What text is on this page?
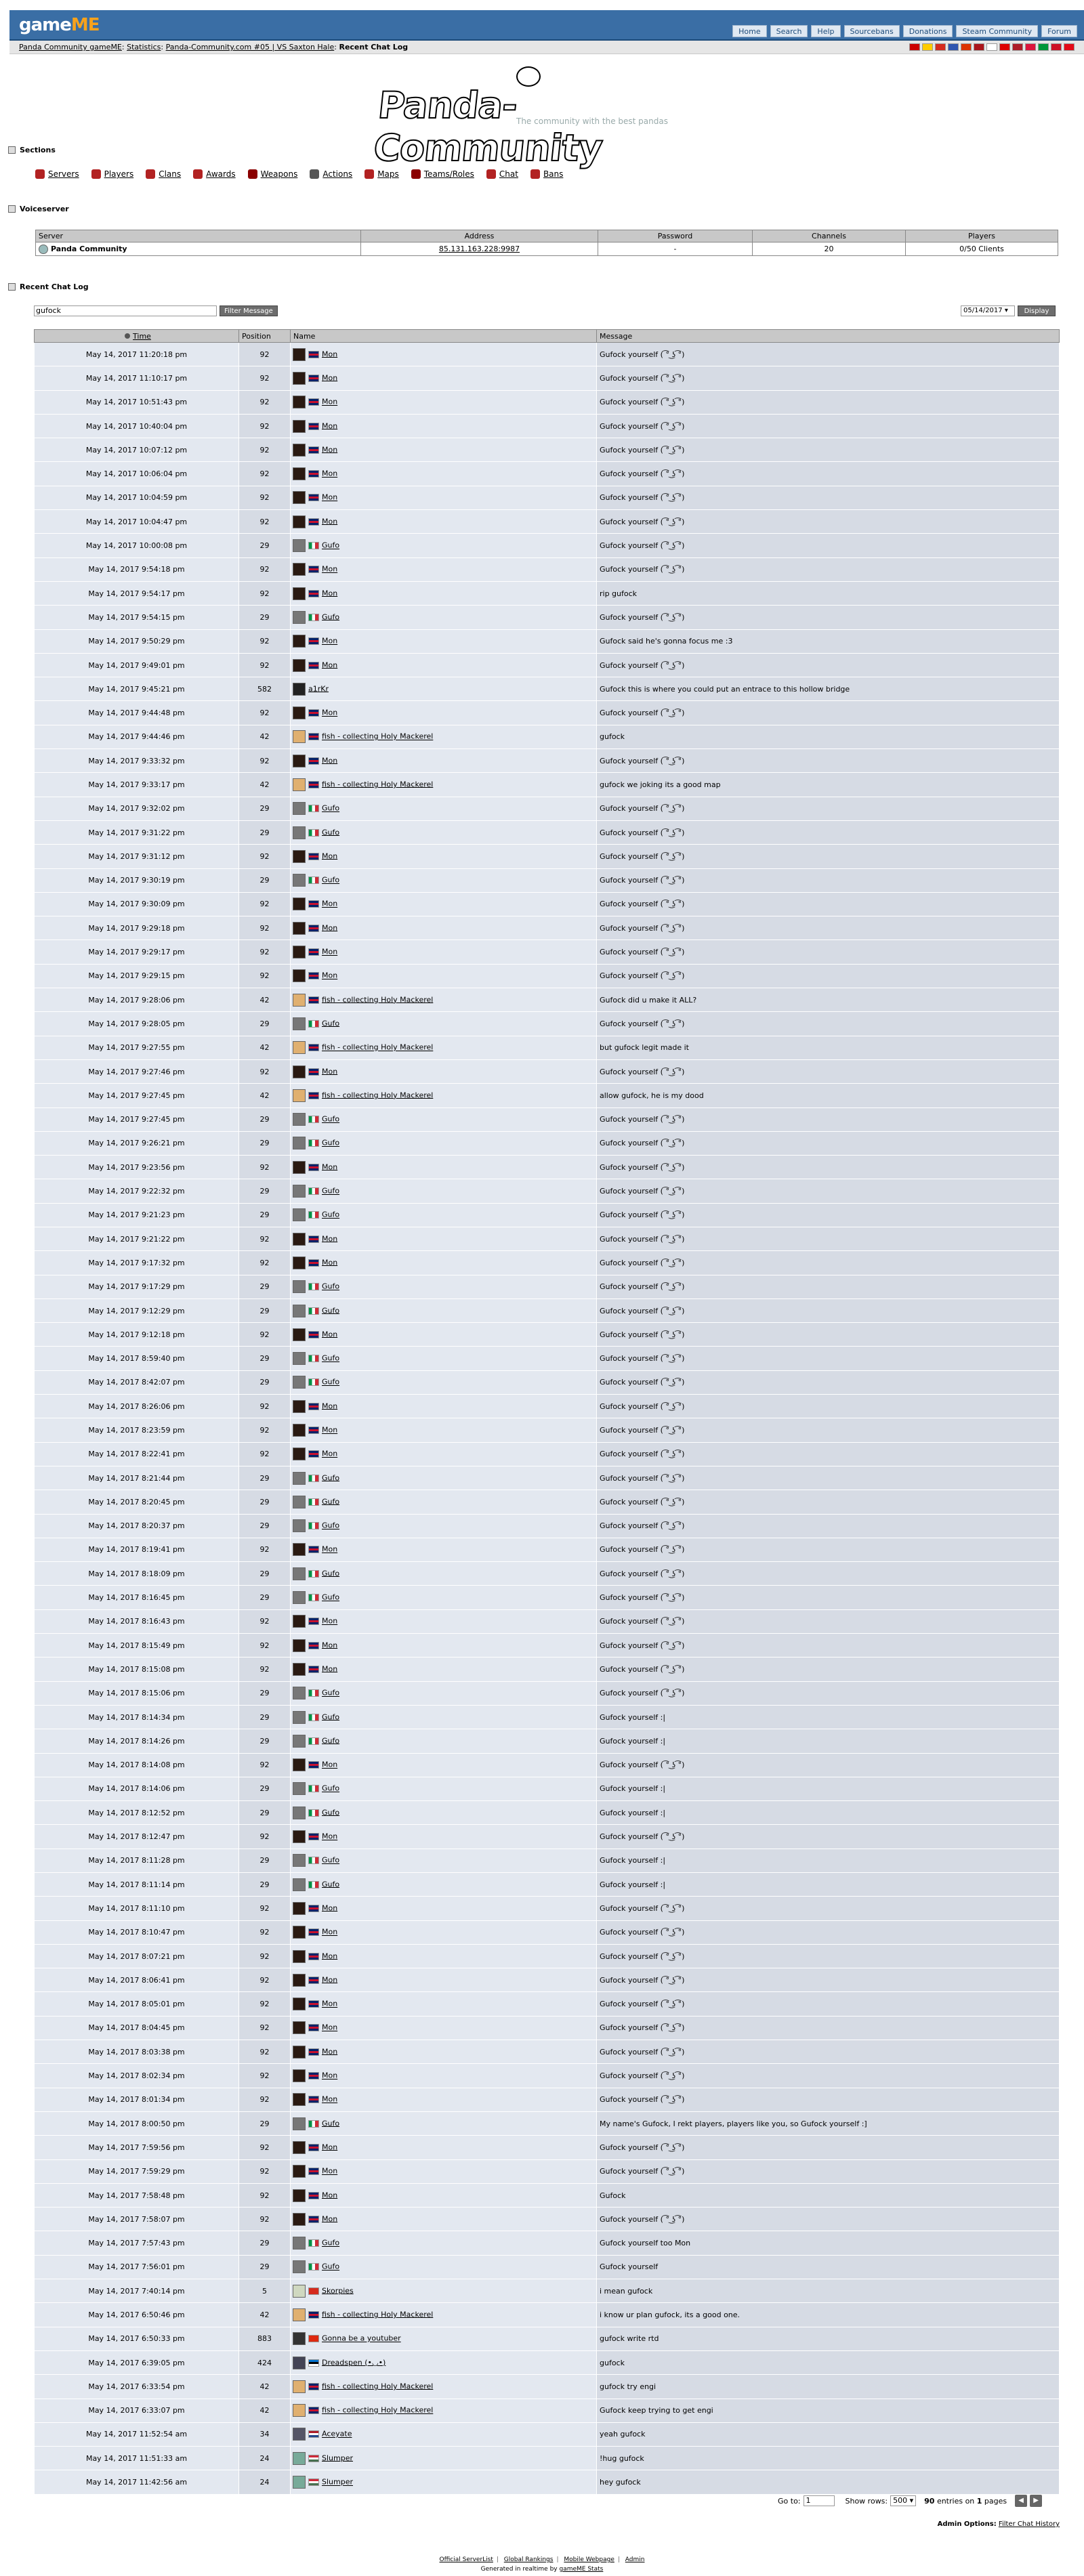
gameME	Home	Search	Help	Sourcebans	Donations	Steam Community	Forum
Panda Community gameME: Statistics: Panda-Community.com #05 | VS Saxton Hale: Recent Chat Log
Panda-Community
The community with the best pandas
Sections
Servers	Players	Clans	Awards	Weapons	Actions	Maps	Teams/Roles	Chat	Bans
Voiceserver
Server	Address	Password	Channels	Players
Panda Community	85.131.163.228:9987	-	20	0/50 Clients
Recent Chat Log
gufock	Filter Message	05/14/2017 ▾	Display
Time	Position	Name	Message
May 14, 2017 11:20:18 pm	92	Mon	Gufock yourself ( ͡° ͜ʖ ͡°)
May 14, 2017 11:10:17 pm	92	Mon	Gufock yourself ( ͡° ͜ʖ ͡°)
May 14, 2017 10:51:43 pm	92	Mon	Gufock yourself ( ͡° ͜ʖ ͡°)
May 14, 2017 10:40:04 pm	92	Mon	Gufock yourself ( ͡° ͜ʖ ͡°)
May 14, 2017 10:07:12 pm	92	Mon	Gufock yourself ( ͡° ͜ʖ ͡°)
May 14, 2017 10:06:04 pm	92	Mon	Gufock yourself ( ͡° ͜ʖ ͡°)
May 14, 2017 10:04:59 pm	92	Mon	Gufock yourself ( ͡° ͜ʖ ͡°)
May 14, 2017 10:04:47 pm	92	Mon	Gufock yourself ( ͡° ͜ʖ ͡°)
May 14, 2017 10:00:08 pm	29	Gufo	Gufock yourself ( ͡° ͜ʖ ͡°)
May 14, 2017 9:54:18 pm	92	Mon	Gufock yourself ( ͡° ͜ʖ ͡°)
May 14, 2017 9:54:17 pm	92	Mon	rip gufock
May 14, 2017 9:54:15 pm	29	Gufo	Gufock yourself ( ͡° ͜ʖ ͡°)
May 14, 2017 9:50:29 pm	92	Mon	Gufock said he's gonna focus me :3
May 14, 2017 9:49:01 pm	92	Mon	Gufock yourself ( ͡° ͜ʖ ͡°)
May 14, 2017 9:45:21 pm	582	a1rKr	Gufock this is where you could put an entrace to this hollow bridge
May 14, 2017 9:44:48 pm	92	Mon	Gufock yourself ( ͡° ͜ʖ ͡°)
May 14, 2017 9:44:46 pm	42	fish - collecting Holy Mackerel	gufock
May 14, 2017 9:33:32 pm	92	Mon	Gufock yourself ( ͡° ͜ʖ ͡°)
May 14, 2017 9:33:17 pm	42	fish - collecting Holy Mackerel	gufock we joking its a good map
May 14, 2017 9:32:02 pm	29	Gufo	Gufock yourself ( ͡° ͜ʖ ͡°)
May 14, 2017 9:31:22 pm	29	Gufo	Gufock yourself ( ͡° ͜ʖ ͡°)
May 14, 2017 9:31:12 pm	92	Mon	Gufock yourself ( ͡° ͜ʖ ͡°)
May 14, 2017 9:30:19 pm	29	Gufo	Gufock yourself ( ͡° ͜ʖ ͡°)
May 14, 2017 9:30:09 pm	92	Mon	Gufock yourself ( ͡° ͜ʖ ͡°)
May 14, 2017 9:29:18 pm	92	Mon	Gufock yourself ( ͡° ͜ʖ ͡°)
May 14, 2017 9:29:17 pm	92	Mon	Gufock yourself ( ͡° ͜ʖ ͡°)
May 14, 2017 9:29:15 pm	92	Mon	Gufock yourself ( ͡° ͜ʖ ͡°)
May 14, 2017 9:28:06 pm	42	fish - collecting Holy Mackerel	Gufock did u make it ALL?
May 14, 2017 9:28:05 pm	29	Gufo	Gufock yourself ( ͡° ͜ʖ ͡°)
May 14, 2017 9:27:55 pm	42	fish - collecting Holy Mackerel	but gufock legit made it
May 14, 2017 9:27:46 pm	92	Mon	Gufock yourself ( ͡° ͜ʖ ͡°)
May 14, 2017 9:27:45 pm	42	fish - collecting Holy Mackerel	allow gufock, he is my dood
May 14, 2017 9:27:45 pm	29	Gufo	Gufock yourself ( ͡° ͜ʖ ͡°)
May 14, 2017 9:26:21 pm	29	Gufo	Gufock yourself ( ͡° ͜ʖ ͡°)
May 14, 2017 9:23:56 pm	92	Mon	Gufock yourself ( ͡° ͜ʖ ͡°)
May 14, 2017 9:22:32 pm	29	Gufo	Gufock yourself ( ͡° ͜ʖ ͡°)
May 14, 2017 9:21:23 pm	29	Gufo	Gufock yourself ( ͡° ͜ʖ ͡°)
May 14, 2017 9:21:22 pm	92	Mon	Gufock yourself ( ͡° ͜ʖ ͡°)
May 14, 2017 9:17:32 pm	92	Mon	Gufock yourself ( ͡° ͜ʖ ͡°)
May 14, 2017 9:17:29 pm	29	Gufo	Gufock yourself ( ͡° ͜ʖ ͡°)
May 14, 2017 9:12:29 pm	29	Gufo	Gufock yourself ( ͡° ͜ʖ ͡°)
May 14, 2017 9:12:18 pm	92	Mon	Gufock yourself ( ͡° ͜ʖ ͡°)
May 14, 2017 8:59:40 pm	29	Gufo	Gufock yourself ( ͡° ͜ʖ ͡°)
May 14, 2017 8:42:07 pm	29	Gufo	Gufock yourself ( ͡° ͜ʖ ͡°)
May 14, 2017 8:26:06 pm	92	Mon	Gufock yourself ( ͡° ͜ʖ ͡°)
May 14, 2017 8:23:59 pm	92	Mon	Gufock yourself ( ͡° ͜ʖ ͡°)
May 14, 2017 8:22:41 pm	92	Mon	Gufock yourself ( ͡° ͜ʖ ͡°)
May 14, 2017 8:21:44 pm	29	Gufo	Gufock yourself ( ͡° ͜ʖ ͡°)
May 14, 2017 8:20:45 pm	29	Gufo	Gufock yourself ( ͡° ͜ʖ ͡°)
May 14, 2017 8:20:37 pm	29	Gufo	Gufock yourself ( ͡° ͜ʖ ͡°)
May 14, 2017 8:19:41 pm	92	Mon	Gufock yourself ( ͡° ͜ʖ ͡°)
May 14, 2017 8:18:09 pm	29	Gufo	Gufock yourself ( ͡° ͜ʖ ͡°)
May 14, 2017 8:16:45 pm	29	Gufo	Gufock yourself ( ͡° ͜ʖ ͡°)
May 14, 2017 8:16:43 pm	92	Mon	Gufock yourself ( ͡° ͜ʖ ͡°)
May 14, 2017 8:15:49 pm	92	Mon	Gufock yourself ( ͡° ͜ʖ ͡°)
May 14, 2017 8:15:08 pm	92	Mon	Gufock yourself ( ͡° ͜ʖ ͡°)
May 14, 2017 8:15:06 pm	29	Gufo	Gufock yourself ( ͡° ͜ʖ ͡°)
May 14, 2017 8:14:34 pm	29	Gufo	Gufock yourself :|
May 14, 2017 8:14:26 pm	29	Gufo	Gufock yourself :|
May 14, 2017 8:14:08 pm	92	Mon	Gufock yourself ( ͡° ͜ʖ ͡°)
May 14, 2017 8:14:06 pm	29	Gufo	Gufock yourself :|
May 14, 2017 8:12:52 pm	29	Gufo	Gufock yourself :|
May 14, 2017 8:12:47 pm	92	Mon	Gufock yourself ( ͡° ͜ʖ ͡°)
May 14, 2017 8:11:28 pm	29	Gufo	Gufock yourself :|
May 14, 2017 8:11:14 pm	29	Gufo	Gufock yourself :|
May 14, 2017 8:11:10 pm	92	Mon	Gufock yourself ( ͡° ͜ʖ ͡°)
May 14, 2017 8:10:47 pm	92	Mon	Gufock yourself ( ͡° ͜ʖ ͡°)
May 14, 2017 8:07:21 pm	92	Mon	Gufock yourself ( ͡° ͜ʖ ͡°)
May 14, 2017 8:06:41 pm	92	Mon	Gufock yourself ( ͡° ͜ʖ ͡°)
May 14, 2017 8:05:01 pm	92	Mon	Gufock yourself ( ͡° ͜ʖ ͡°)
May 14, 2017 8:04:45 pm	92	Mon	Gufock yourself ( ͡° ͜ʖ ͡°)
May 14, 2017 8:03:38 pm	92	Mon	Gufock yourself ( ͡° ͜ʖ ͡°)
May 14, 2017 8:02:34 pm	92	Mon	Gufock yourself ( ͡° ͜ʖ ͡°)
May 14, 2017 8:01:34 pm	92	Mon	Gufock yourself ( ͡° ͜ʖ ͡°)
May 14, 2017 8:00:50 pm	29	Gufo	My name's Gufock, I rekt players, players like you, so Gufock yourself :]
May 14, 2017 7:59:56 pm	92	Mon	Gufock yourself ( ͡° ͜ʖ ͡°)
May 14, 2017 7:59:29 pm	92	Mon	Gufock yourself ( ͡° ͜ʖ ͡°)
May 14, 2017 7:58:48 pm	92	Mon	Gufock
May 14, 2017 7:58:07 pm	92	Mon	Gufock yourself ( ͡° ͜ʖ ͡°)
May 14, 2017 7:57:43 pm	29	Gufo	Gufock yourself too Mon
May 14, 2017 7:56:01 pm	29	Gufo	Gufock yourself
May 14, 2017 7:40:14 pm	5	Skorpies	i mean gufock
May 14, 2017 6:50:46 pm	42	fish - collecting Holy Mackerel	i know ur plan gufock, its a good one.
May 14, 2017 6:50:33 pm	883	Gonna be a youtuber	gufock write rtd
May 14, 2017 6:39:05 pm	424	Dreadspen (•◡•)	gufock
May 14, 2017 6:33:54 pm	42	fish - collecting Holy Mackerel	gufock try engi
May 14, 2017 6:33:07 pm	42	fish - collecting Holy Mackerel	Gufock keep trying to get engi
May 14, 2017 11:52:54 am	34	Aceyate	yeah gufock
May 14, 2017 11:51:33 am	24	Slumper	!hug gufock
May 14, 2017 11:42:56 am	24	Slumper	hey gufock
Go to: 1	Show rows: 500 ▾	90
entries on
1
pages	◀	▶
Admin Options: Filter Chat History
Official ServerList | Global Rankings | Mobile Webpage | Admin
Generated in realtime by gameME Stats
